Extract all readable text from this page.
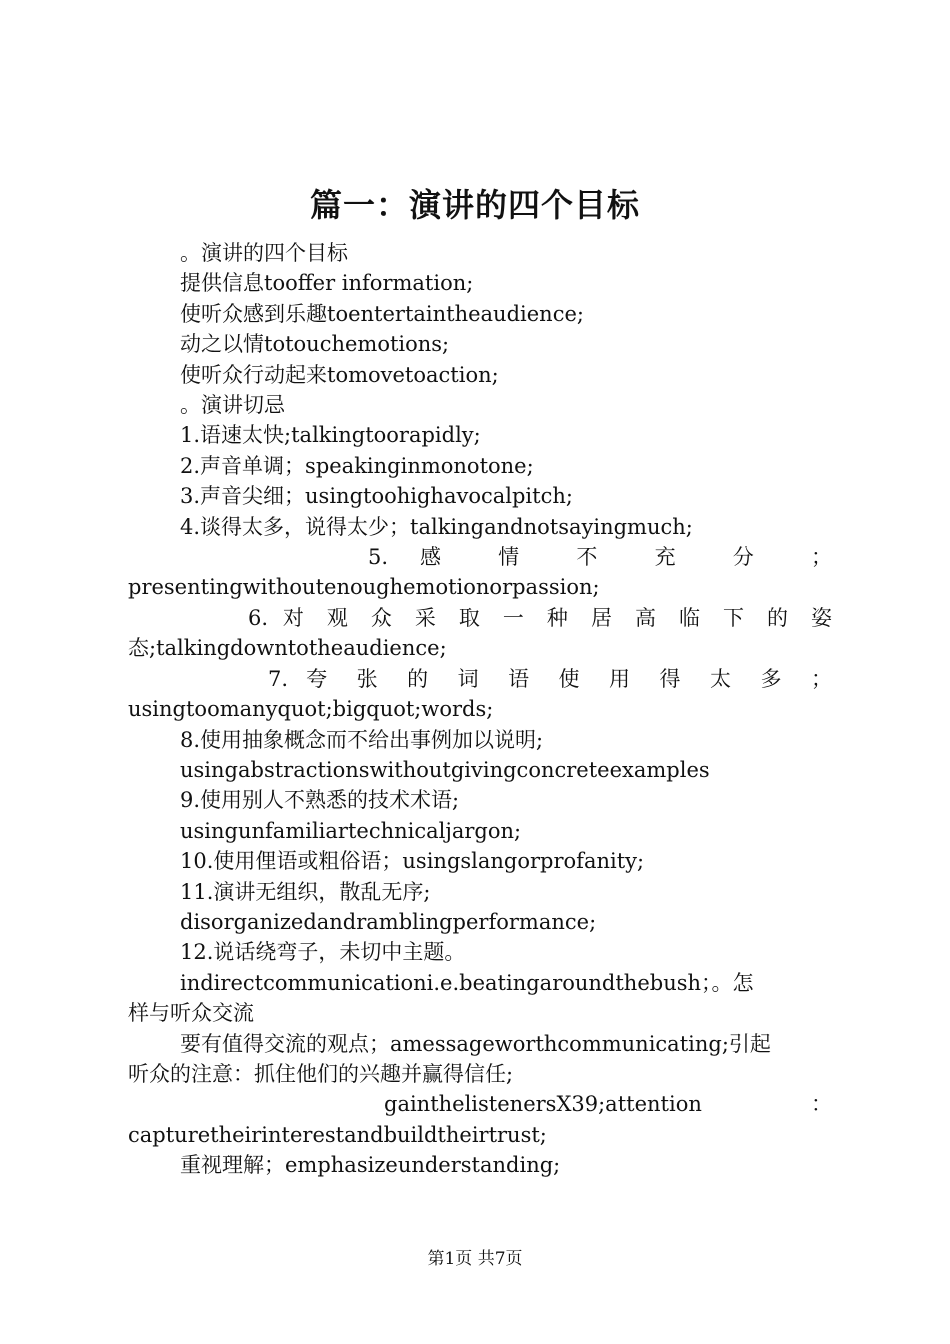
篇一：演讲的四个目标

。演讲的四个目标

提供信息tooffer information;

使听众感到乐趣toentertaintheaudience;

动之以情totouchemotions;

使听众行动起来tomovetoaction;

。演讲切忌

1.语速太快;talkingtoorapidly;

2.声音单调；speakinginmonotone;

3.声音尖细；usingtoohighavocalpitch;

4.谈得太多，说得太少；talkingandnotsayingmuch;

5. 感 情 不 充 分 ；

presentingwithoutenoughemotionorpassion;

6. 对 观 众 采 取 一 种 居 高 临 下 的 姿

态;talkingdowntotheaudience;

7. 夸 张 的 词 语 使 用 得 太 多 ；

usingtoomanyquot;bigquot;words;

8.使用抽象概念而不给出事例加以说明;

usingabstractionswithoutgivingconcreteexamples

9.使用别人不熟悉的技术术语;

usingunfamiliartechnicaljargon;

10.使用俚语或粗俗语；usingslangorprofanity;

11.演讲无组织，散乱无序;

disorganizedandramblingperformance;

12.说话绕弯子，未切中主题。

indirectcommunicationi.e.beatingaroundthebush；。怎

样与听众交流

要有值得交流的观点；amessageworthcommunicating;引起

听众的注意：抓住他们的兴趣并赢得信任;

gainthelistenersX39;attention ：

capturetheirinterestandbuildtheirtrust;

重视理解；emphasizeunderstanding;

第1页 共7页
